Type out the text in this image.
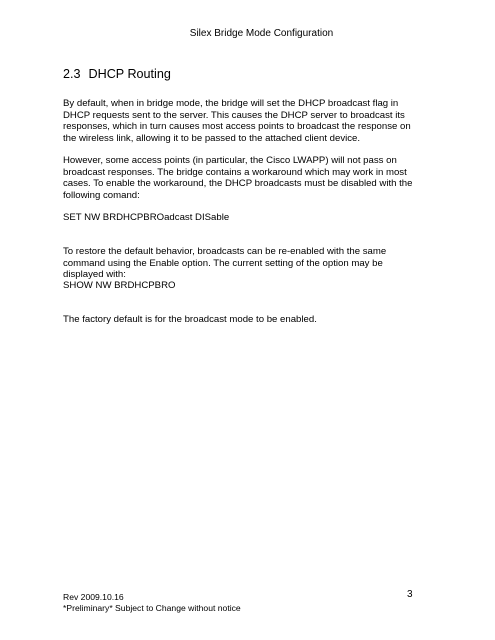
Silex Bridge Mode Configuration
2.3 DHCP Routing

By default, when in bridge mode, the bridge will set the DHCP broadcast flag in
DHCP requests sent to the server. This causes the DHCP server to broadcast its
responses, which in turn causes most access points to broadcast the response on
the wireless link, allowing it to be passed to the attached client device.

However, some access points (in particular, the Cisco LWAPP) will not pass on
broadcast responses. The bridge contains a workaround which may work in most
cases. To enable the workaround, the DHCP broadcasts must be disabled with the
following comand:

SET NW BRDHCPBROadcast DISable

To restore the default behavior, broadcasts can be re-enabled with the same
command using the Enable option. The current setting of the option may be
displayed with:

SHOW NW BRDHCPBRO

The factory default is for the broadcast mode to be enabled.

Rev 2009.10.16
*Preliminary* Subject to Change without notice
3
